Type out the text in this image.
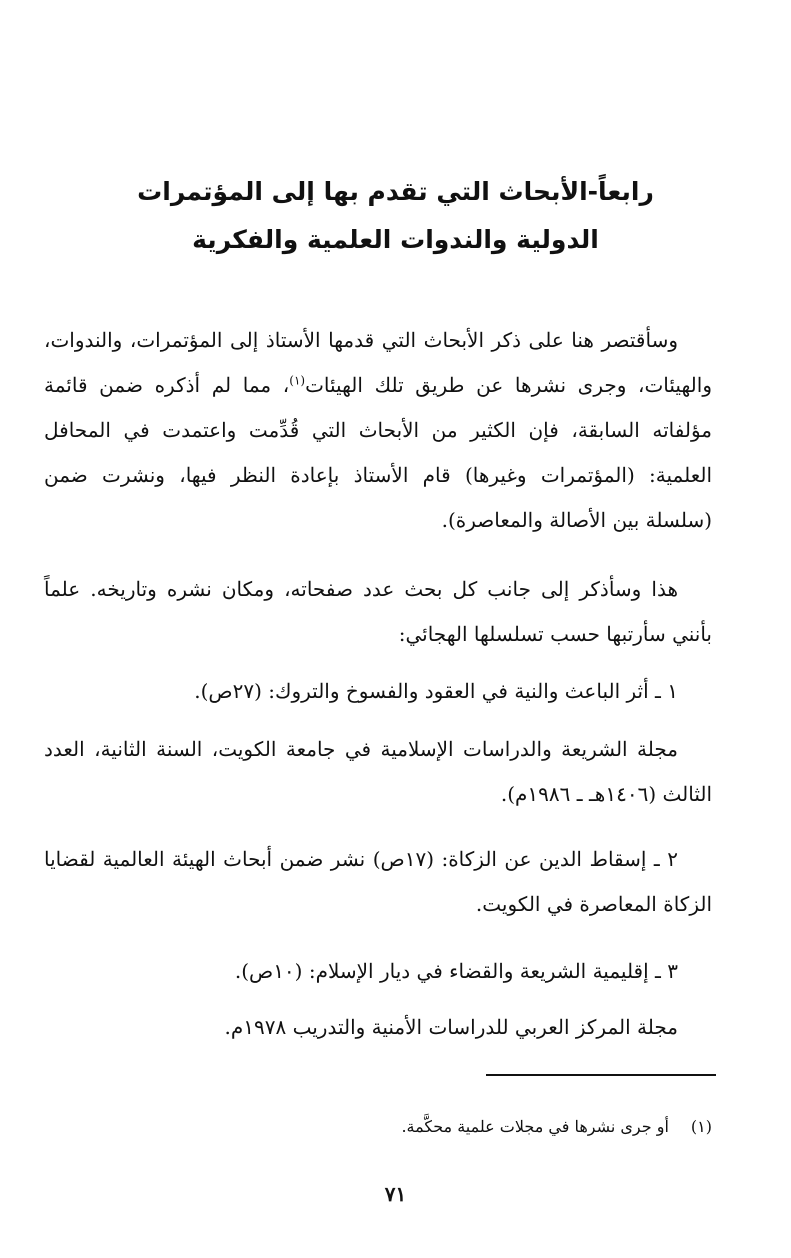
رابعاً-الأبحاث التي تقدم بها إلى المؤتمرات
الدولية والندوات العلمية والفكرية

وسأقتصر هنا على ذكر الأبحاث التي قدمها الأستاذ إلى المؤتمرات، والندوات، والهيئات، وجرى نشرها عن طريق تلك الهيئات$^{(١)}$، مما لم أذكره ضمن قائمة مؤلفاته السابقة، فإن الكثير من الأبحاث التي قُدِّمت واعتمدت في المحافل العلمية: (المؤتمرات وغيرها) قام الأستاذ بإعادة النظر فيها، ونشرت ضمن (سلسلة بين الأصالة والمعاصرة).

هذا وسأذكر إلى جانب كل بحث عدد صفحاته، ومكان نشره وتاريخه. علماً بأنني سأرتبها حسب تسلسلها الهجائي:

١ ـ أثر الباعث والنية في العقود والفسوخ والتروك: (٢٧ص).

مجلة الشريعة والدراسات الإسلامية في جامعة الكويت، السنة الثانية، العدد الثالث (١٤٠٦هـ ـ ١٩٨٦م).

٢ ـ إسقاط الدين عن الزكاة: (١٧ص) نشر ضمن أبحاث الهيئة العالمية لقضايا الزكاة المعاصرة في الكويت.

٣ ـ إقليمية الشريعة والقضاء في ديار الإسلام: (١٠ص).

مجلة المركز العربي للدراسات الأمنية والتدريب ١٩٧٨م.

(١)أو جرى نشرها في مجلات علمية محكَّمة.
٧١
